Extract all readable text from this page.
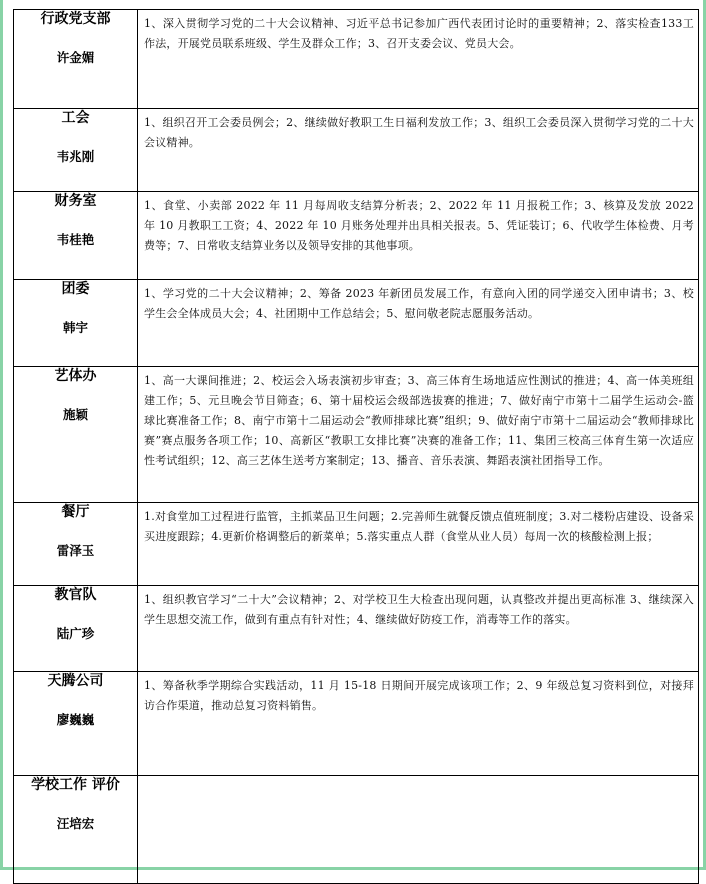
行政党支部
许金媚	1、深入贯彻学习党的二十大会议精神、习近平总书记参加广西代表团讨论时的重要精神；2、落实检查133工作法，开展党员联系班级、学生及群众工作；3、召开支委会议、党员大会。

工会
韦兆刚	1、组织召开工会委员例会；2、继续做好教职工生日福利发放工作；3、组织工会委员深入贯彻学习党的二十大会议精神。

财务室
韦桂艳	1、食堂、小卖部 2022 年 11 月每周收支结算分析表；2、2022 年 11 月报税工作；3、核算及发放 2022 年 10 月教职工工资；4、2022 年 10 月账务处理并出具相关报表。5、凭证装订；6、代收学生体检费、月考费等；7、日常收支结算业务以及领导安排的其他事项。

团委
韩宇	1、学习党的二十大会议精神；2、筹备 2023 年新团员发展工作，有意向入团的同学递交入团申请书；3、校学生会全体成员大会；4、社团期中工作总结会；5、慰问敬老院志愿服务活动。

艺体办
施颖	1、高一大课间推进；2、校运会入场表演初步审查；3、高三体育生场地适应性测试的推进；4、高一体美班组建工作；5、元旦晚会节目筛查；6、第十届校运会级部选拔赛的推进；7、做好南宁市第十二届学生运动会-篮球比赛准备工作；8、南宁市第十二届运动会“教师排球比赛”组织；9、做好南宁市第十二届运动会“教师排球比赛”赛点服务各项工作；10、高新区“教职工女排比赛”决赛的准备工作；11、集团三校高三体育生第一次适应性考试组织；12、高三艺体生送考方案制定；13、播音、音乐表演、舞蹈表演社团指导工作。

餐厅
雷泽玉	1.对食堂加工过程进行监管，主抓菜品卫生问题；2.完善师生就餐反馈点值班制度；3.对二楼粉店建设、设备采买进度跟踪；4.更新价格调整后的新菜单；5.落实重点人群（食堂从业人员）每周一次的核酸检测上报；

教官队
陆广珍	1、组织教官学习“二十大”会议精神；2、对学校卫生大检查出现问题，认真整改并提出更高标准 3、继续深入学生思想交流工作，做到有重点有针对性；4、继续做好防疫工作，消毒等工作的落实。

天腾公司
廖巍巍	1、筹备秋季学期综合实践活动，11 月 15-18 日期间开展完成该项工作；2、9 年级总复习资料到位，对接拜访合作渠道，推动总复习资料销售。

学校工作 评价
汪培宏	
